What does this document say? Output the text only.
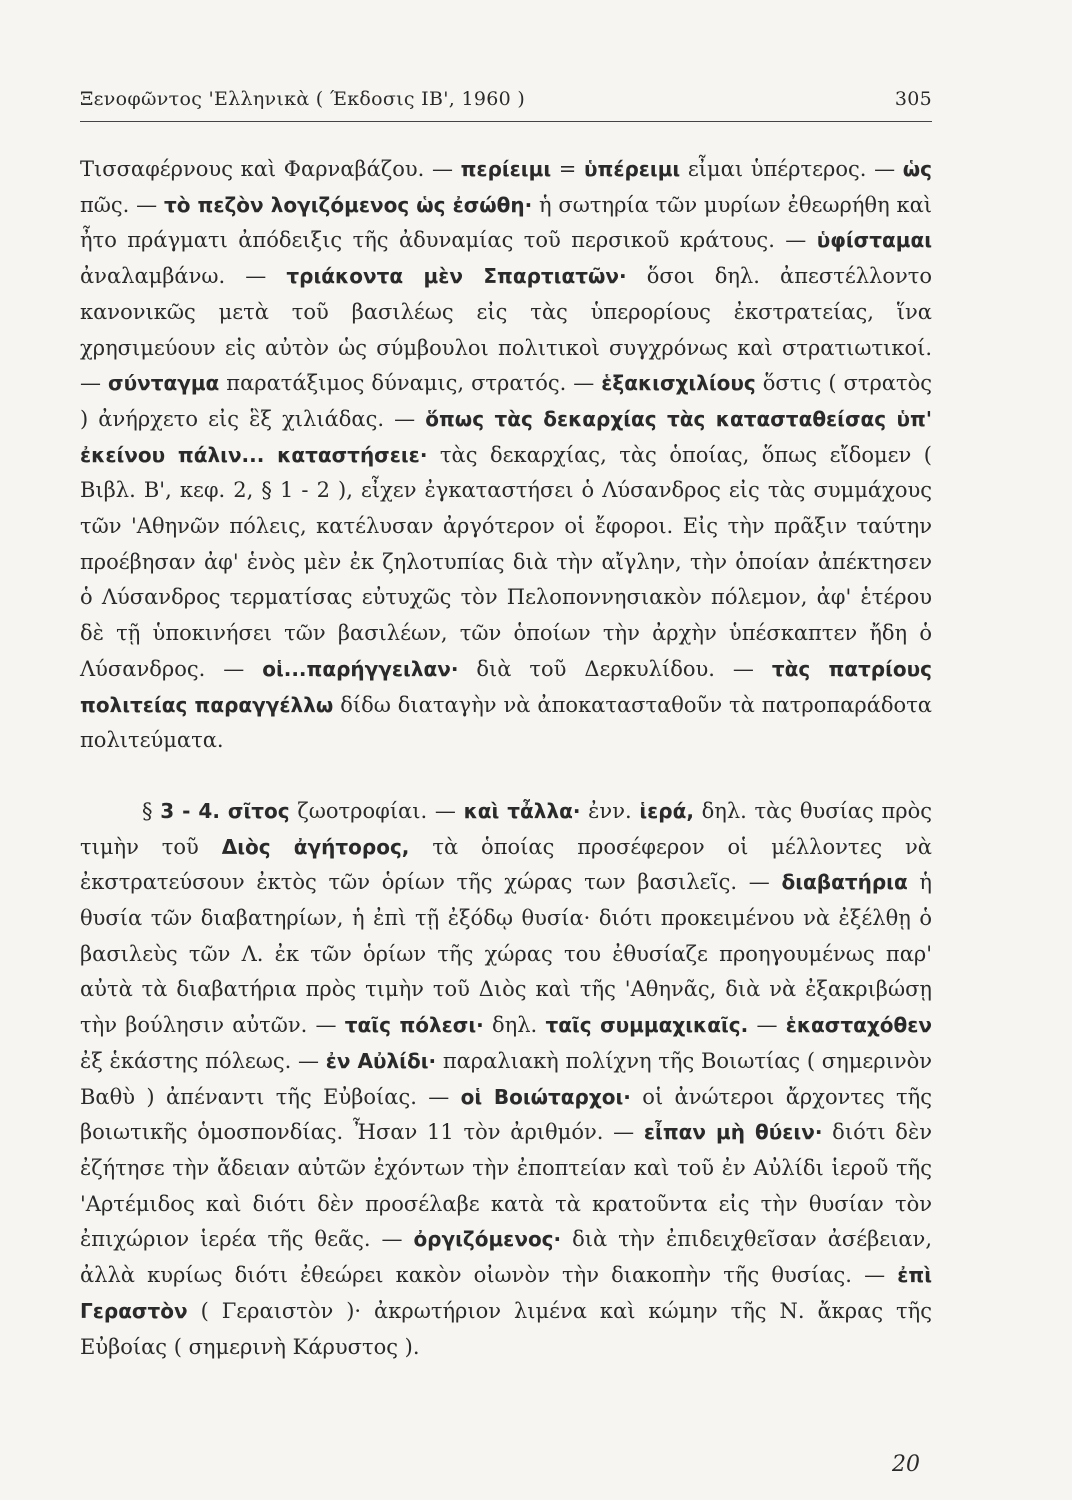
Ξενοφῶντος 'Ελληνικὰ ( Έκδοσις ΙΒ', 1960 )	305

Τισσαφέρνους καὶ Φαρναβάζου. — περίειμι = ὑπέρειμι εἶμαι ὑπέρτερος. — ὡς πῶς. — τὸ πεζὸν λογιζόμενος ὡς ἐσώθη· ἡ σωτηρία τῶν μυρίων ἐθεωρήθη καὶ ἦτο πράγματι ἀπόδειξις τῆς ἀδυναμίας τοῦ περσικοῦ κράτους. — ὑφίσταμαι ἀναλαμβάνω. — τριάκοντα μὲν Σπαρτιατῶν· ὅσοι δηλ. ἀπεστέλλοντο κανονικῶς μετὰ τοῦ βασιλέως εἰς τὰς ὑπερορίους ἐκστρατείας, ἵνα χρησιμεύουν εἰς αὐτὸν ὡς σύμβουλοι πολιτικοὶ συγχρόνως καὶ στρατιωτικοί. — σύνταγμα παρατάξιμος δύναμις, στρατός. — ἑξακισχιλίους ὅστις ( στρατὸς ) ἀνήρχετο εἰς ἓξ χιλιάδας. — ὅπως τὰς δεκαρχίας τὰς κατασταθείσας ὑπ' ἐκείνου πάλιν... καταστήσειε· τὰς δεκαρχίας, τὰς ὁποίας, ὅπως εἴδομεν ( Βιβλ. Β', κεφ. 2, § 1 - 2 ), εἶχεν ἐγκαταστήσει ὁ Λύσανδρος εἰς τὰς συμμάχους τῶν 'Αθηνῶν πόλεις, κατέλυσαν ἀργότερον οἱ ἔφοροι. Εἰς τὴν πρᾶξιν ταύτην προέβησαν ἀφ' ἑνὸς μὲν ἐκ ζηλοτυπίας διὰ τὴν αἴγλην, τὴν ὁποίαν ἀπέκτησεν ὁ Λύσανδρος τερματίσας εὐτυχῶς τὸν Πελοποννησιακὸν πόλεμον, ἀφ' ἑτέρου δὲ τῇ ὑποκινήσει τῶν βασιλέων, τῶν ὁποίων τὴν ἀρχὴν ὑπέσκαπτεν ἤδη ὁ Λύσανδρος. — οἱ...παρήγγειλαν· διὰ τοῦ Δερκυλίδου. — τὰς πατρίους πολιτείας παραγγέλλω δίδω διαταγὴν νὰ ἀποκατασταθοῦν τὰ πατροπαράδοτα πολιτεύματα.

§ 3 - 4. σῖτος ζωοτροφίαι. — καὶ τἆλλα· ἐνν. ἱερά, δηλ. τὰς θυσίας πρὸς τιμὴν τοῦ Διὸς ἀγήτορος, τὰ ὁποίας προσέφερον οἱ μέλλοντες νὰ ἐκστρατεύσουν ἐκτὸς τῶν ὁρίων τῆς χώρας των βασιλεῖς. — διαβατήρια ἡ θυσία τῶν διαβατηρίων, ἡ ἐπὶ τῇ ἐξόδῳ θυσία· διότι προκειμένου νὰ ἐξέλθῃ ὁ βασιλεὺς τῶν Λ. ἐκ τῶν ὁρίων τῆς χώρας του ἐθυσίαζε προηγουμένως παρ' αὐτὰ τὰ διαβατήρια πρὸς τιμὴν τοῦ Διὸς καὶ τῆς 'Αθηνᾶς, διὰ νὰ ἐξακριβώσῃ τὴν βούλησιν αὐτῶν. — ταῖς πόλεσι· δηλ. ταῖς συμμαχικαῖς. — ἑκασταχόθεν ἐξ ἑκάστης πόλεως. — ἐν Αὐλίδι· παραλιακὴ πολίχνη τῆς Βοιωτίας ( σημερινὸν Βαθὺ ) ἀπέναντι τῆς Εὐβοίας. — οἱ Βοιώταρχοι· οἱ ἀνώτεροι ἄρχοντες τῆς βοιωτικῆς ὁμοσπονδίας. Ἦσαν 11 τὸν ἀριθμόν. — εἶπαν μὴ θύειν· διότι δὲν ἐζήτησε τὴν ἄδειαν αὐτῶν ἐχόντων τὴν ἐποπτείαν καὶ τοῦ ἐν Αὐλίδι ἱεροῦ τῆς 'Αρτέμιδος καὶ διότι δὲν προσέλαβε κατὰ τὰ κρατοῦντα εἰς τὴν θυσίαν τὸν ἐπιχώριον ἱερέα τῆς θεᾶς. — ὀργιζόμενος· διὰ τὴν ἐπιδειχθεῖσαν ἀσέβειαν, ἀλλὰ κυρίως διότι ἐθεώρει κακὸν οἰωνὸν τὴν διακοπὴν τῆς θυσίας. — ἐπὶ Γεραστὸν ( Γεραιστὸν )· ἀκρωτήριον λιμένα καὶ κώμην τῆς Ν. ἄκρας τῆς Εὐβοίας ( σημερινὴ Κάρυστος ).

20
